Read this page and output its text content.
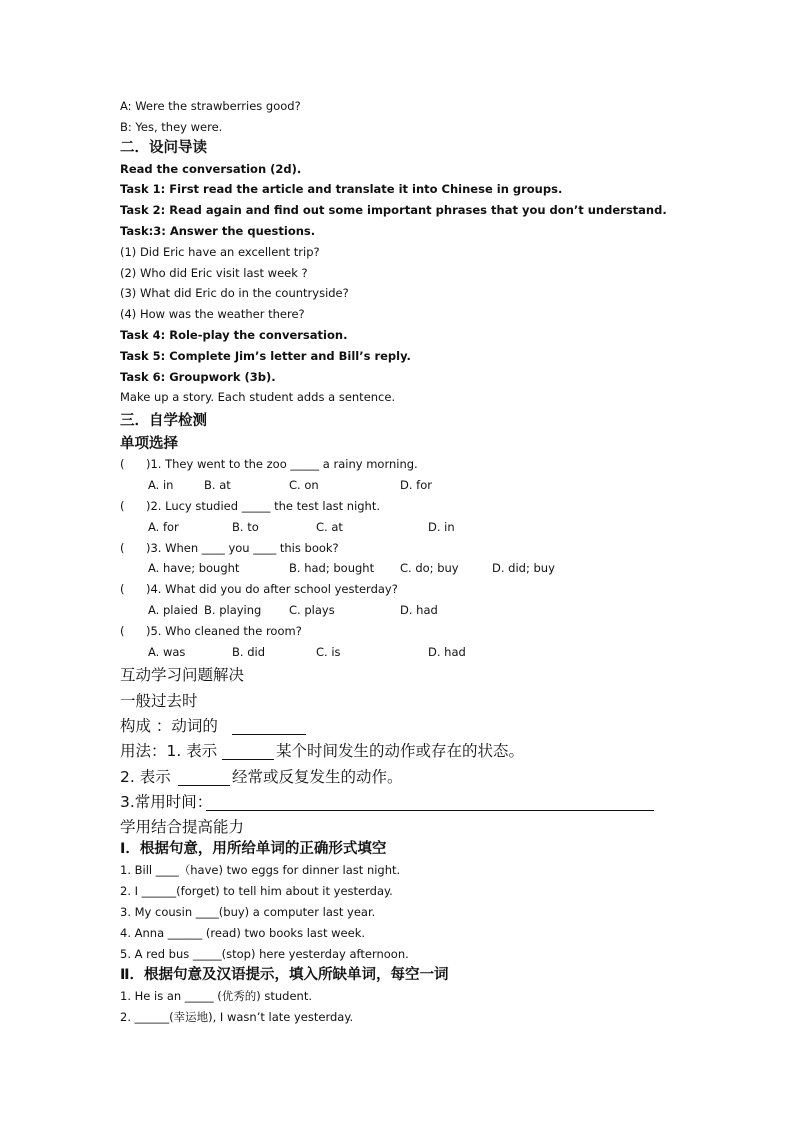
A: Were the strawberries good?
B: Yes, they were.
二．设问导读
Read the conversation (2d).
Task 1: First read the article and translate it into Chinese in groups.
Task 2: Read again and find out some important phrases that you don’t understand.
Task:3: Answer the questions.
(1) Did Eric have an excellent trip?
(2) Who did Eric visit last week ?
(3) What did Eric do in the countryside?
(4) How was the weather there?
Task 4: Role-play the conversation.
Task 5: Complete Jim’s letter and Bill’s reply.
Task 6: Groupwork (3b).
Make up a story. Each student adds a sentence.
三．自学检测
单项选择
( )1. They went to the zoo _____ a rainy morning.
A. in	B. at	C. on	D. for
( )2. Lucy studied _____ the test last night.
A. for	B. to	C. at	D. in
( )3. When ____ you ____ this book?
A. have; bought	B. had; bought C. do; buy	D. did; buy
( )4. What did you do after school yesterday?
A. plaied B. playing C. plays	D. had
( )5. Who cleaned the room?
A. was	B. did	C. is	D. had
互动学习问题解决
一般过去时
构成 ：动词的
用法：1. 表示	某个时间发生的动作或存在的状态。
2. 表示	经常或反复发生的动作。
3.常用时间：
学用结合提高能力
Ⅰ．根据句意，用所给单词的正确形式填空
1. Bill ____（have) two eggs for dinner last night.
2. I ______(forget) to tell him about it yesterday.
3. My cousin ____(buy) a computer last year.
4. Anna ______ (read) two books last week.
5. A red bus _____(stop) here yesterday afternoon.
Ⅱ．根据句意及汉语提示，填入所缺单词，每空一词
1. He is an _____ (优秀的) student.
2. ______(幸运地), I wasn’t late yesterday.
